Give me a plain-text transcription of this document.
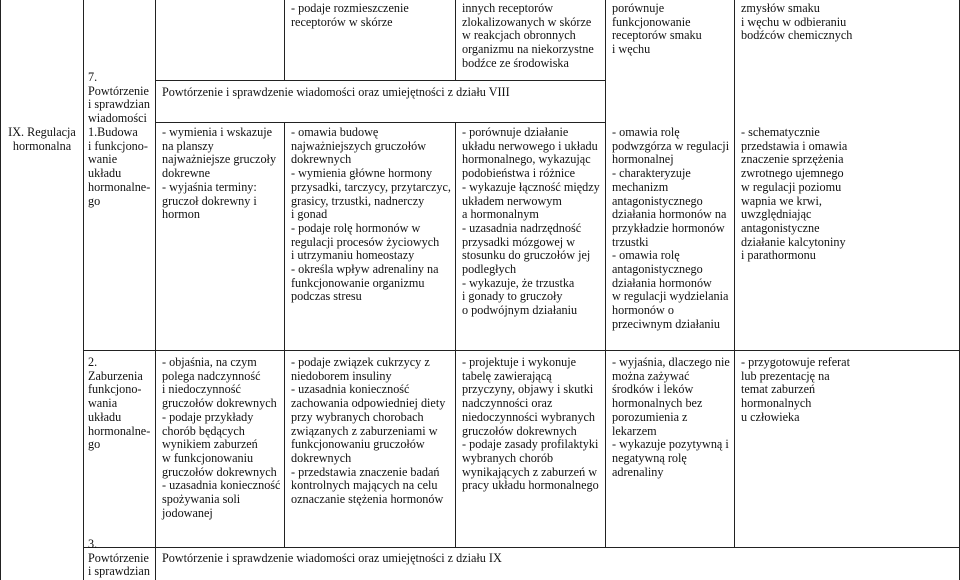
- podaje rozmieszczenie
receptorów w skórze
innych receptorów
zlokalizowanych w skórze
w reakcjach obronnych
organizmu na niekorzystne
bodźce ze środowiska
porównuje
funkcjonowanie
receptorów smaku
i węchu
zmysłów smaku
i węchu w odbieraniu
bodźców chemicznych
IX. Regulacja
hormonalna
7.
Powtórzenie
i sprawdzian
wiadomości
Powtórzenie i sprawdzenie wiadomości oraz umiejętności z działu VIII
1.Budowa
i funkcjono-
wanie
układu
hormonalne-
go
- wymienia i wskazuje
na planszy
najważniejsze gruczoły
dokrewne
- wyjaśnia terminy:
gruczoł dokrewny i
hormon
- omawia budowę
najważniejszych gruczołów
dokrewnych
- wymienia główne hormony
przysadki, tarczycy, przytarczyc,
grasicy, trzustki, nadnerczy
i gonad
- podaje rolę hormonów w
regulacji procesów życiowych
i utrzymaniu homeostazy
- określa wpływ adrenaliny na
funkcjonowanie organizmu
podczas stresu
- porównuje działanie
układu nerwowego i układu
hormonalnego, wykazując
podobieństwa i różnice
- wykazuje łączność między
układem nerwowym
a hormonalnym
- uzasadnia nadrzędność
przysadki mózgowej w
stosunku do gruczołów jej
podległych
- wykazuje, że trzustka
i gonady to gruczoły
o podwójnym działaniu
- omawia rolę
podwzgórza w regulacji
hormonalnej
- charakteryzuje
mechanizm
antagonistycznego
działania hormonów na
przykładzie hormonów
trzustki
- omawia rolę
antagonistycznego
działania hormonów
w regulacji wydzielania
hormonów o
przeciwnym działaniu
- schematycznie
przedstawia i omawia
znaczenie sprzężenia
zwrotnego ujemnego
w regulacji poziomu
wapnia we krwi,
uwzględniając
antagonistyczne
działanie kalcytoniny
i parathormonu
2.
Zaburzenia
funkcjono-
wania
układu
hormonalne-
go
- objaśnia, na czym
polega nadczynność
i niedoczynność
gruczołów dokrewnych
- podaje przykłady
chorób będących
wynikiem zaburzeń
w funkcjonowaniu
gruczołów dokrewnych
- uzasadnia konieczność
spożywania soli
jodowanej
- podaje związek cukrzycy z
niedoborem insuliny
- uzasadnia konieczność
zachowania odpowiedniej diety
przy wybranych chorobach
związanych z zaburzeniami w
funkcjonowaniu gruczołów
dokrewnych
- przedstawia znaczenie badań
kontrolnych mających na celu
oznaczanie stężenia hormonów
- projektuje i wykonuje
tabelę zawierającą
przyczyny, objawy i skutki
nadczynności oraz
niedoczynności wybranych
gruczołów dokrewnych
- podaje zasady profilaktyki
wybranych chorób
wynikających z zaburzeń w
pracy układu hormonalnego
- wyjaśnia, dlaczego nie
można zażywać
środków i leków
hormonalnych bez
porozumienia z
lekarzem
- wykazuje pozytywną i
negatywną rolę
adrenaliny
- przygotowuje referat
lub prezentację na
temat zaburzeń
hormonalnych
u człowieka
3.
Powtórzenie
i sprawdzian
Powtórzenie i sprawdzenie wiadomości oraz umiejętności z działu IX
